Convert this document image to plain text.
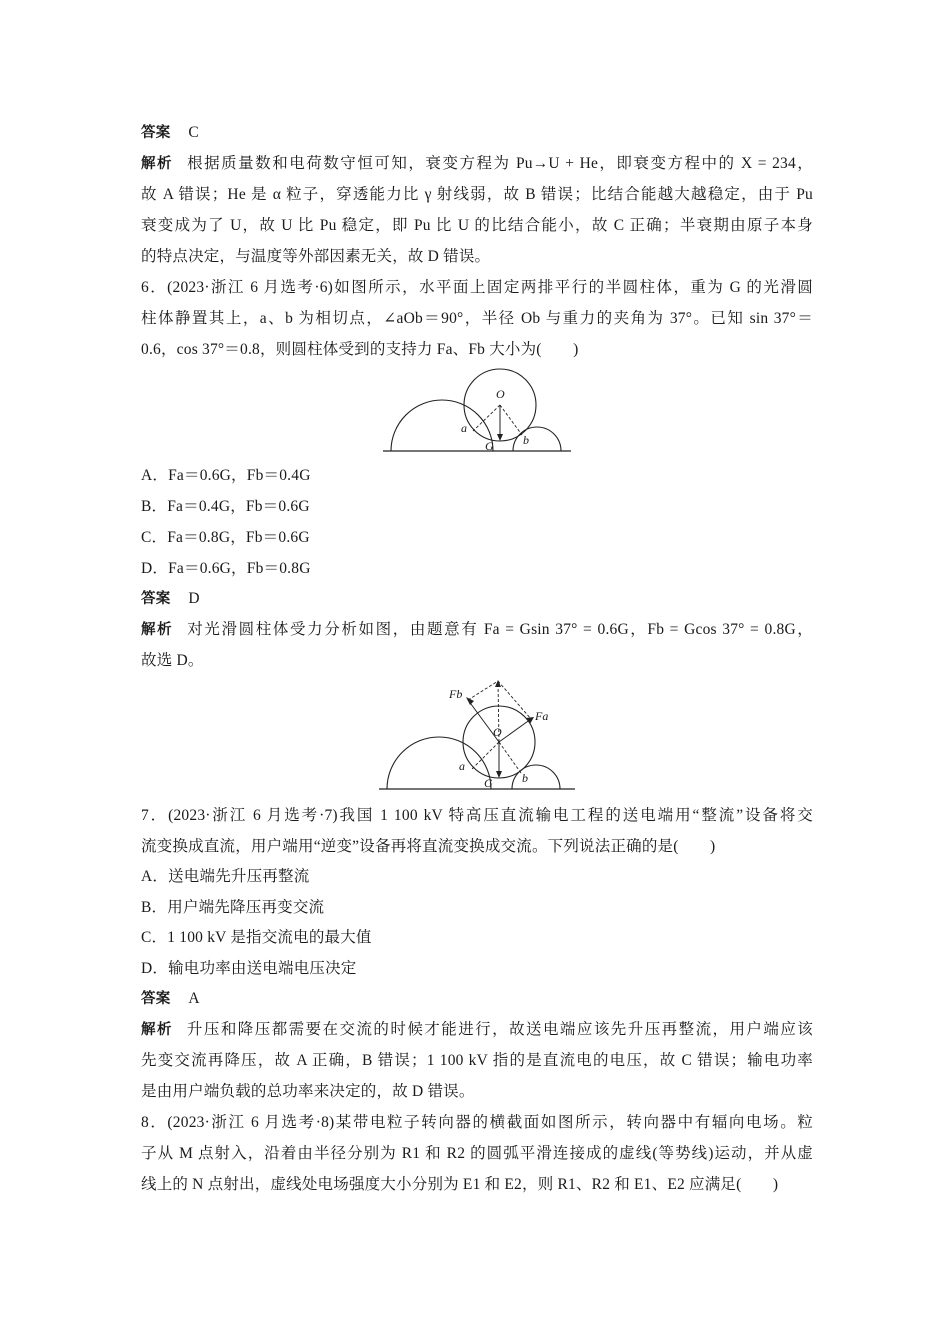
答案 C
解析 根据质量数和电荷数守恒可知，衰变方程为 Pu→U + He，即衰变方程中的 X = 234，
故 A 错误；He 是 α 粒子，穿透能力比 γ 射线弱，故 B 错误；比结合能越大越稳定，由于 Pu
衰变成为了 U，故 U 比 Pu 稳定，即 Pu 比 U 的比结合能小，故 C 正确；半衰期由原子本身
的特点决定，与温度等外部因素无关，故 D 错误。
6．(2023·浙江 6 月选考·6)如图所示，水平面上固定两排平行的半圆柱体，重为 G 的光滑圆
柱体静置其上，a、b 为相切点，∠aOb＝90°，半径 Ob 与重力的夹角为 37°。已知 sin 37°＝
0.6，cos 37°＝0.8，则圆柱体受到的支持力 Fa、Fb 大小为(　　)
O
a
b
G
A．Fa＝0.6G，Fb＝0.4G
B．Fa＝0.4G，Fb＝0.6G
C．Fa＝0.8G，Fb＝0.6G
D．Fa＝0.6G，Fb＝0.8G
答案 D
解析 对光滑圆柱体受力分析如图，由题意有 Fa = Gsin 37° = 0.6G，Fb = Gcos 37° = 0.8G，
故选 D。
Fb
Fa
O
a
b
G
7．(2023·浙江 6 月选考·7)我国 1 100 kV 特高压直流输电工程的送电端用“整流”设备将交
流变换成直流，用户端用“逆变”设备再将直流变换成交流。下列说法正确的是(　　)
A．送电端先升压再整流
B．用户端先降压再变交流
C．1 100 kV 是指交流电的最大值
D．输电功率由送电端电压决定
答案 A
解析 升压和降压都需要在交流的时候才能进行，故送电端应该先升压再整流，用户端应该
先变交流再降压，故 A 正确，B 错误；1 100 kV 指的是直流电的电压，故 C 错误；输电功率
是由用户端负载的总功率来决定的，故 D 错误。
8．(2023·浙江 6 月选考·8)某带电粒子转向器的横截面如图所示，转向器中有辐向电场。粒
子从 M 点射入，沿着由半径分别为 R1 和 R2 的圆弧平滑连接成的虚线(等势线)运动，并从虚
线上的 N 点射出，虚线处电场强度大小分别为 E1 和 E2，则 R1、R2 和 E1、E2 应满足(　　)
